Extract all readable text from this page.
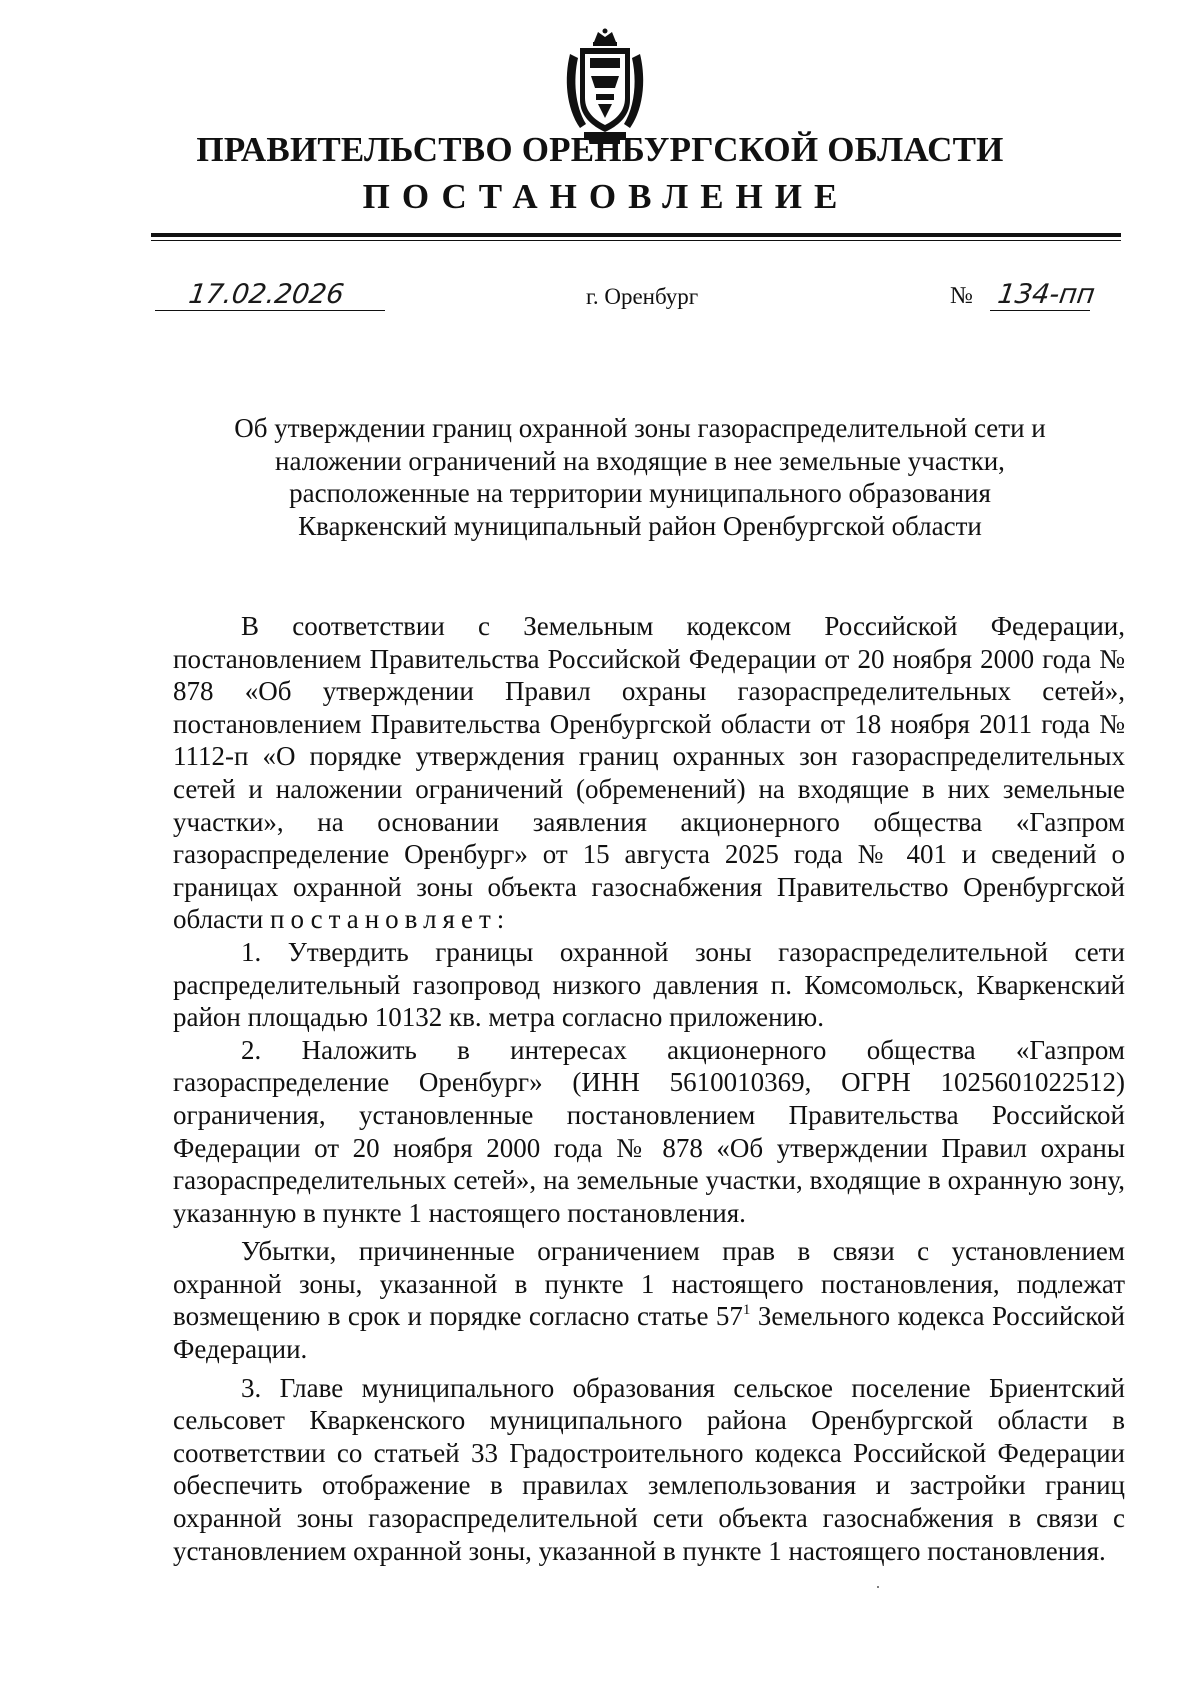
ПРАВИТЕЛЬСТВО ОРЕНБУРГСКОЙ ОБЛАСТИ
ПОСТАНОВЛЕНИЕ
17.02.2026	г. Оренбург	№ 134-пп
Об утверждении границ охранной зоны газораспределительной сети и
наложении ограничений на входящие в нее земельные участки,
расположенные на территории муниципального образования
Кваркенский муниципальный район Оренбургской области

В соответствии с Земельным кодексом Российской Федерации, постановлением Правительства Российской Федерации от 20 ноября 2000 года № 878 «Об утверждении Правил охраны газораспределительных сетей», постановлением Правительства Оренбургской области от 18 ноября 2011 года № 1112-п «О порядке утверждения границ охранных зон газораспределительных сетей и наложении ограничений (обременений) на входящие в них земельные участки», на основании заявления акционерного общества «Газпром газораспределение Оренбург» от 15 августа 2025 года № 401 и сведений о границах охранной зоны объекта газоснабжения Правительство Оренбургской области постановляет:

1. Утвердить границы охранной зоны газораспределительной сети распределительный газопровод низкого давления п. Комсомольск, Кваркенский район площадью 10132 кв. метра согласно приложению.

2. Наложить в интересах акционерного общества «Газпром газораспределение Оренбург» (ИНН 5610010369, ОГРН 1025601022512) ограничения, установленные постановлением Правительства Российской Федерации от 20 ноября 2000 года № 878 «Об утверждении Правил охраны газораспределительных сетей», на земельные участки, входящие в охранную зону, указанную в пункте 1 настоящего постановления.

Убытки, причиненные ограничением прав в связи с установлением охранной зоны, указанной в пункте 1 настоящего постановления, подлежат возмещению в срок и порядке согласно статье $57^1$ Земельного кодекса Российской Федерации.

3. Главе муниципального образования сельское поселение Бриентский сельсовет Кваркенского муниципального района Оренбургской области в соответствии со статьей 33 Градостроительного кодекса Российской Федерации обеспечить отображение в правилах землепользования и застройки границ охранной зоны газораспределительной сети объекта газоснабжения в связи с установлением охранной зоны, указанной в пункте 1 настоящего постановления.
